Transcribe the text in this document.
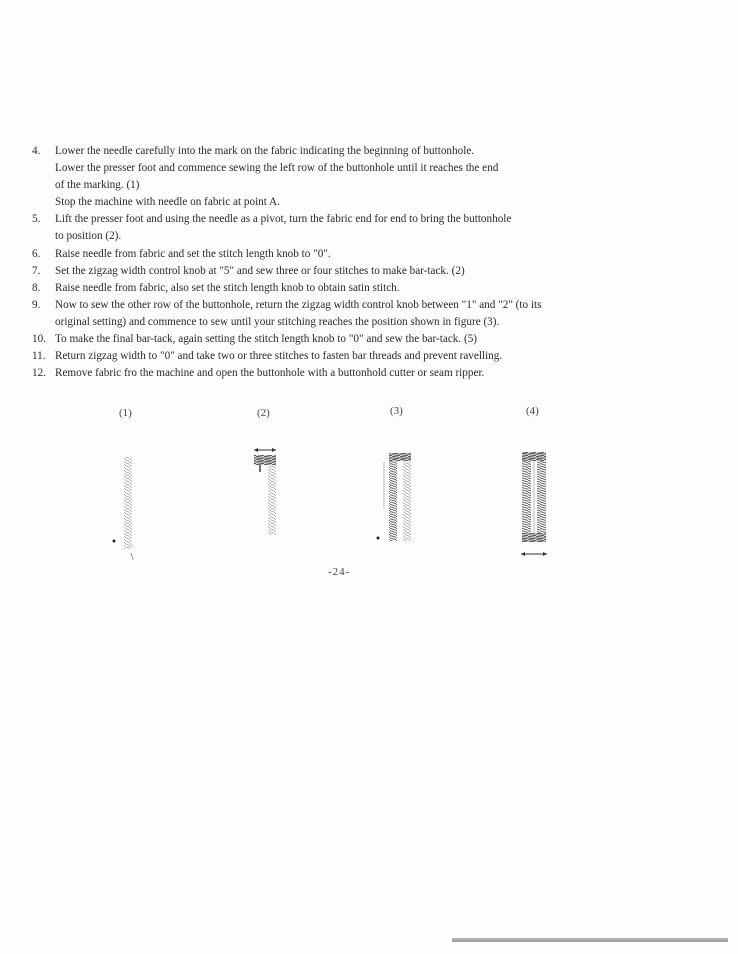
4.	Lower the needle carefully into the mark on the fabric indicating the beginning of buttonhole.
Lower the presser foot and commence sewing the left row of the buttonhole until it reaches the end
of the marking. (1)
Stop the machine with needle on fabric at point A.
5.	Lift the presser foot and using the needle as a pivot, turn the fabric end for end to bring the buttonhole
to position (2).
6.	Raise needle from fabric and set the stitch length knob to "0".
7.	Set the zigzag width control knob at "5" and sew three or four stitches to make bar-tack. (2)
8.	Raise needle from fabric, also set the stitch length knob to obtain satin stitch.
9.	Now to sew the other row of the buttonhole, return the zigzag width control knob between "1" and "2" (to its
original setting) and commence to sew until your stitching reaches the position shown in figure (3).
10. To make the final bar-tack, again setting the stitch length knob to "0" and sew the bar-tack. (5)
11. Return zigzag width to "0" and take two or three stitches to fasten bar threads and prevent ravelling.
12. Remove fabric fro the machine and open the buttonhole with a buttonhold cutter or seam ripper.
(1)	(2)	(3)	(4)
-24-
